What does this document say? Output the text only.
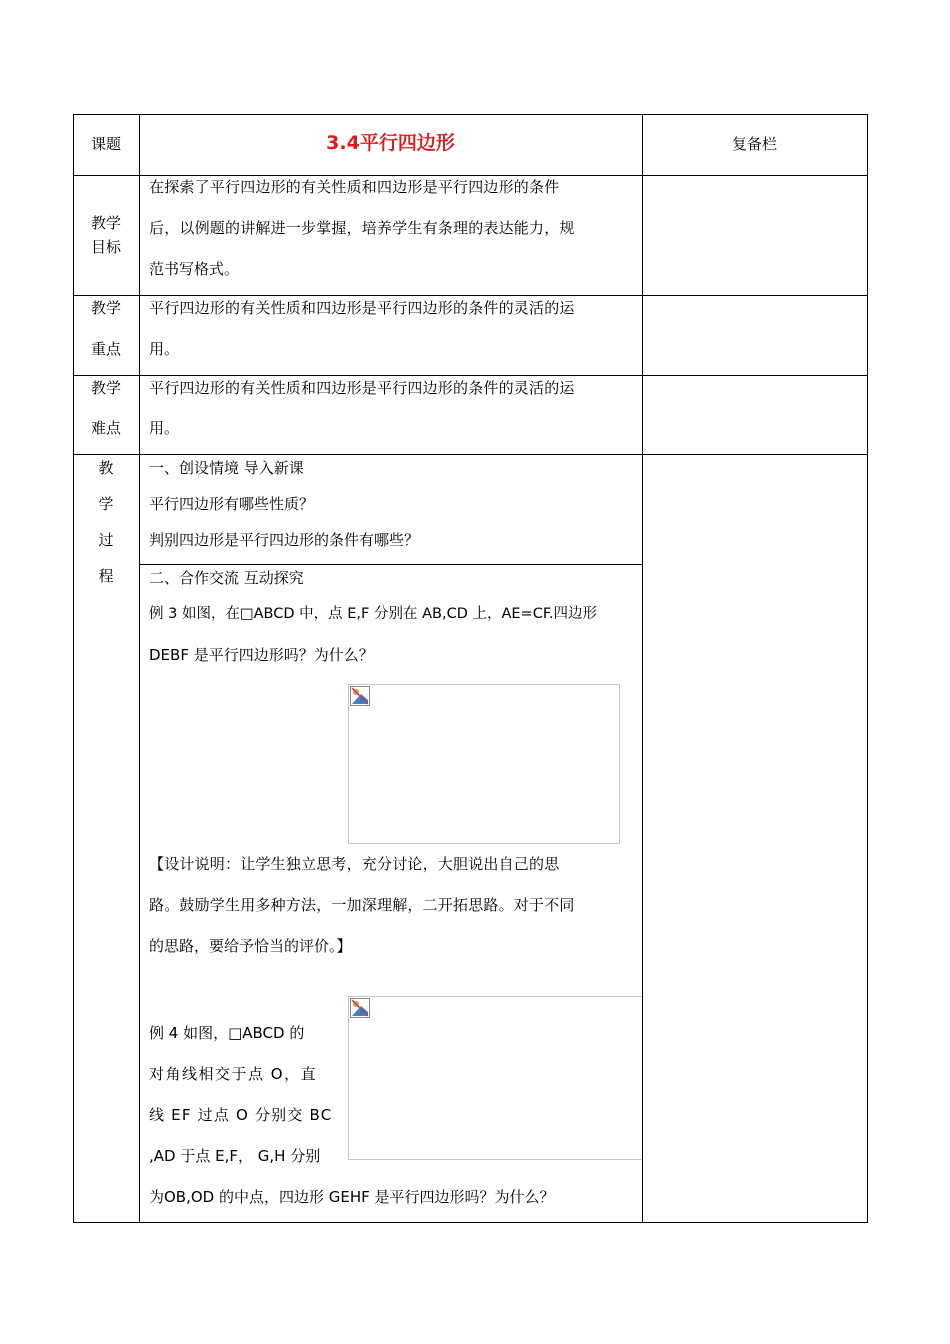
课题	3.4平行四边形	复备栏
教学
目标
在探索了平行四边形的有关性质和四边形是平行四边形的条件
后，以例题的讲解进一步掌握，培养学生有条理的表达能力，规
范书写格式。
教学
重点
平行四边形的有关性质和四边形是平行四边形的条件的灵活的运
用。
教学
难点
平行四边形的有关性质和四边形是平行四边形的条件的灵活的运
用。
教
学
过
程
一、创设情境 导入新课
平行四边形有哪些性质？
判别四边形是平行四边形的条件有哪些？
二、合作交流 互动探究
例 3 如图，在□ABCD 中，点 E,F 分别在 AB,CD 上，AE=CF.四边形
DEBF 是平行四边形吗？为什么？
【设计说明：让学生独立思考，充分讨论，大胆说出自己的思
路。鼓励学生用多种方法，一加深理解，二开拓思路。对于不同
的思路，要给予恰当的评价。】
例 4 如图，□ABCD 的
对角线相交于点 O，直
线 EF 过点 O 分别交 BC
,AD 于点 E,F， G,H 分别
为OB,OD 的中点，四边形 GEHF 是平行四边形吗？为什么？
